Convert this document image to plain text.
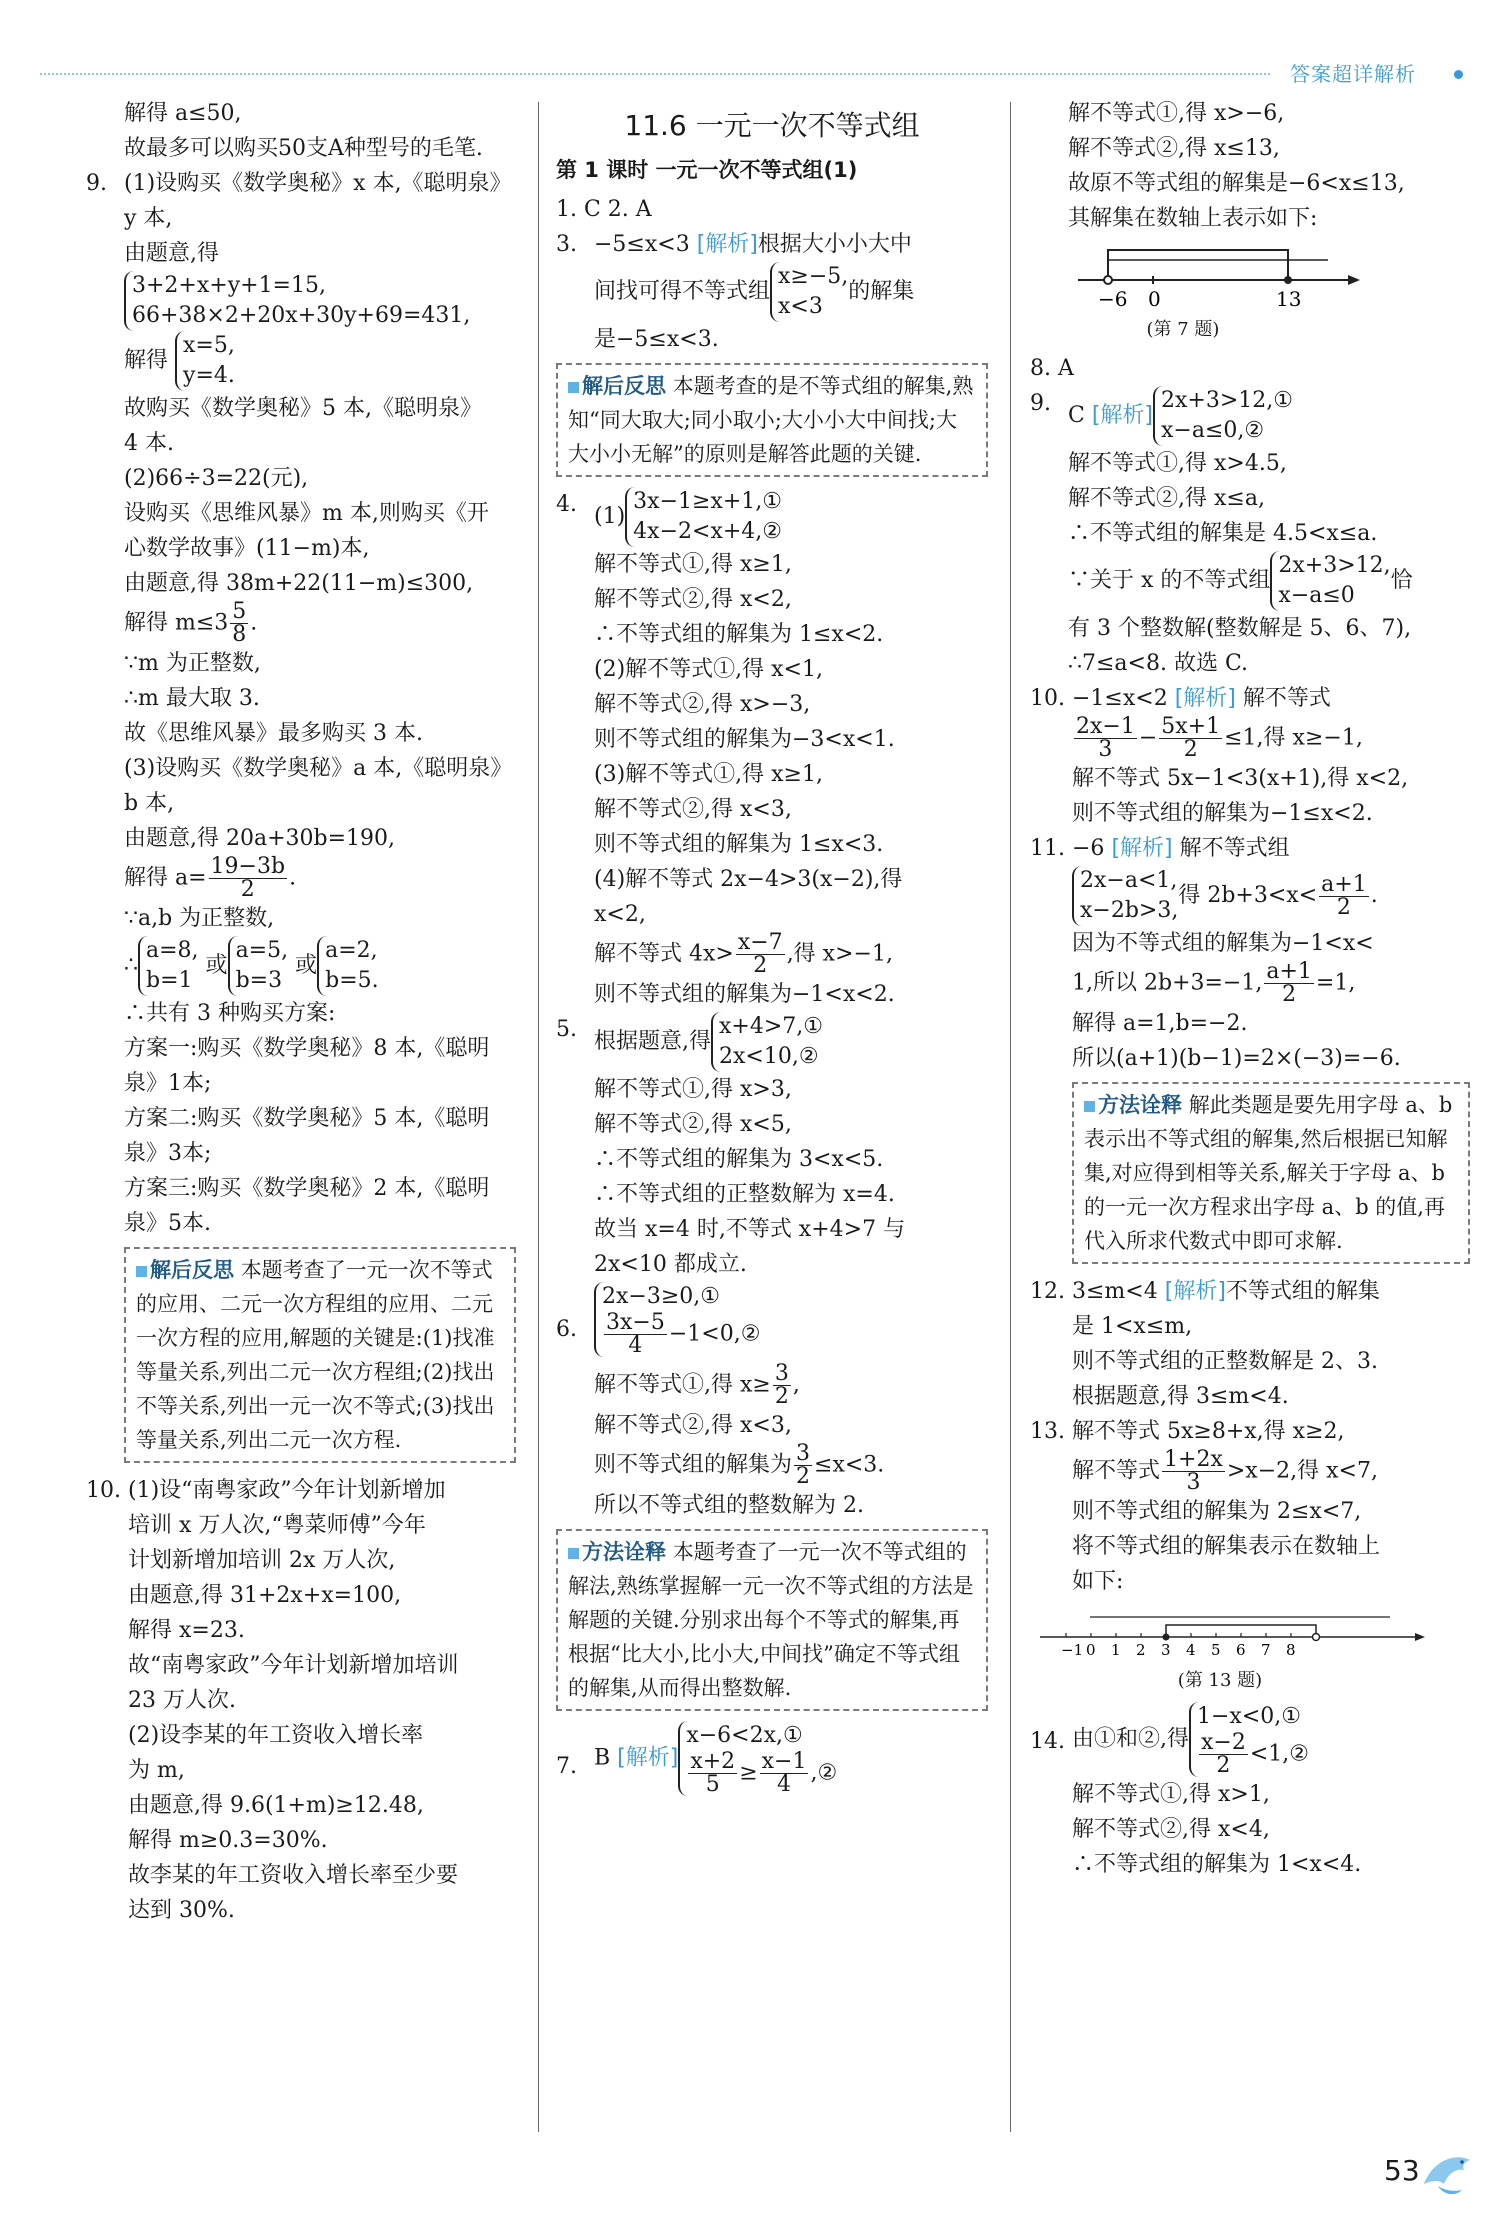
答案超详解析
解得 a≤50,
故最多可以购买50支A种型号的毛笔.
9. (1)设购买《数学奥秘》x 本,《聪明泉》
y 本,
由题意,得
3+2+x+y+1=15,
66+38×2+20x+30y+69=431,
解得
x=5,
y=4.
故购买《数学奥秘》5 本,《聪明泉》
4 本.
(2)66÷3=22(元),
设购买《思维风暴》m 本,则购买《开
心数学故事》(11−m)本,
由题意,得 38m+22(11−m)≤300,
解得 $m\le 3 \frac{5}{8}$ .
∵m 为正整数,
∴m 最大取 3.
故《思维风暴》最多购买 3 本.
(3)设购买《数学奥秘》a 本,《聪明泉》
b 本,
由题意,得 20a+30b=190,
解得 $a= \frac{19-3b}{2}$ .
∵a,b 为正整数,
∴
a=8,
b=1
或
a=5,
b=3
或
a=2,
b=5.
∴共有 3 种购买方案:
方案一:购买《数学奥秘》8 本,《聪明
泉》1本;
方案二:购买《数学奥秘》5 本,《聪明
泉》3本;
方案三:购买《数学奥秘》2 本,《聪明
泉》5本.
解后反思 本题考查了一元一次不等式的应用、二元一次方程组的应用、二元一次方程的应用,解题的关键是:(1)找准等量关系,列出二元一次方程组;(2)找出不等关系,列出一元一次不等式;(3)找出等量关系,列出二元一次方程.
10. (1)设“南粤家政”今年计划新增加
培训 x 万人次,“粤菜师傅”今年
计划新增加培训 2x 万人次,
由题意,得 31+2x+x=100,
解得 x=23.
故“南粤家政”今年计划新增加培训
23 万人次.
(2)设李某的年工资收入增长率
为 m,
由题意,得 9.6(1+m)≥12.48,
解得 m≥0.3=30%.
故李某的年工资收入增长率至少要
达到 30%.
11.6 一元一次不等式组
第 1 课时 一元一次不等式组(1)
1. C 2. A
3. −5≤x<3 [解析]根据大小小大中
间找可得不等式组
x≥−5,
x<3
的解集
是−5≤x<3.
解后反思 本题考查的是不等式组的解集,熟知“同大取大;同小取小;大小小大中间找;大大小小无解”的原则是解答此题的关键.
4. (1)
3x−1≥x+1,①
4x−2<x+4,②
解不等式①,得 x≥1,
解不等式②,得 x<2,
∴不等式组的解集为 1≤x<2.
(2)解不等式①,得 x<1,
解不等式②,得 x>−3,
则不等式组的解集为−3<x<1.
(3)解不等式①,得 x≥1,
解不等式②,得 x<3,
则不等式组的解集为 1≤x<3.
(4)解不等式 2x−4>3(x−2),得
x<2,
解不等式 $4x> \frac{x-7}{2}$ ,得 x>−1,
则不等式组的解集为−1<x<2.
5. 根据题意,得
x+4>7,①
2x<10,②
解不等式①,得 x>3,
解不等式②,得 x<5,
∴不等式组的解集为 3<x<5.
∴不等式组的正整数解为 x=4.
故当 x=4 时,不等式 x+4>7 与
2x<10 都成立.
6.
2x−3≥0,①
$\frac{3x-5}{4}$ −1<0,②
解不等式①,得 $x\ge \frac{3}{2}$ ,
解不等式②,得 x<3,
则不等式组的解集为 $\frac{3}{2} \le x<3$.
所以不等式组的整数解为 2.
方法诠释 本题考查了一元一次不等式组的解法,熟练掌握解一元一次不等式组的方法是解题的关键.分别求出每个不等式的解集,再根据“比大小,比小大,中间找”确定不等式组的解集,从而得出整数解.
7. B [解析]
x−6<2x,①
$\frac{x+2}{5} \ge \frac{x-1}{4}$ ,②
解不等式①,得 x>−6,
解不等式②,得 x≤13,
故原不等式组的解集是−6<x≤13,
其解集在数轴上表示如下:
−6 0	13
(第 7 题)
8. A
9. C [解析]
2x+3>12,①
x−a≤0,②
解不等式①,得 x>4.5,
解不等式②,得 x≤a,
∴不等式组的解集是 4.5<x≤a.
∵关于 x 的不等式组
2x+3>12,
x−a≤0
恰
有 3 个整数解(整数解是 5、6、7),
∴7≤a<8. 故选 C.
10. −1≤x<2 [解析] 解不等式
$\frac{2x-1}{3} - \frac{5x+1}{2} \le 1$,得 x≥−1,
解不等式 5x−1<3(x+1),得 x<2,
则不等式组的解集为−1≤x<2.
11. −6 [解析] 解不等式组
2x−a<1,
x−2b>3,
得 $2b+3<x< \frac{a+1}{2}$ .
因为不等式组的解集为−1<x<
1,所以 2b+3=−1, $\frac{a+1}{2} =1$,
解得 a=1,b=−2.
所以(a+1)(b−1)=2×(−3)=−6.
方法诠释 解此类题是要先用字母 a、b 表示出不等式组的解集,然后根据已知解集,对应得到相等关系,解关于字母 a、b 的一元一次方程求出字母 a、b 的值,再代入所求代数式中即可求解.
12. 3≤m<4 [解析]不等式组的解集
是 1<x≤m,
则不等式组的正整数解是 2、3.
根据题意,得 3≤m<4.
13. 解不等式 5x≥8+x,得 x≥2,
解不等式 $\frac{1+2x}{3} >x-2$,得 x<7,
则不等式组的解集为 2≤x<7,
将不等式组的解集表示在数轴上
如下:
−1 0 1 2 3 4 5 6 7 8
(第 13 题)
14. 由①和②,得
1−x<0,①
$\frac{x-2}{2}$ <1,②
解不等式①,得 x>1,
解不等式②,得 x<4,
∴不等式组的解集为 1<x<4.
53
